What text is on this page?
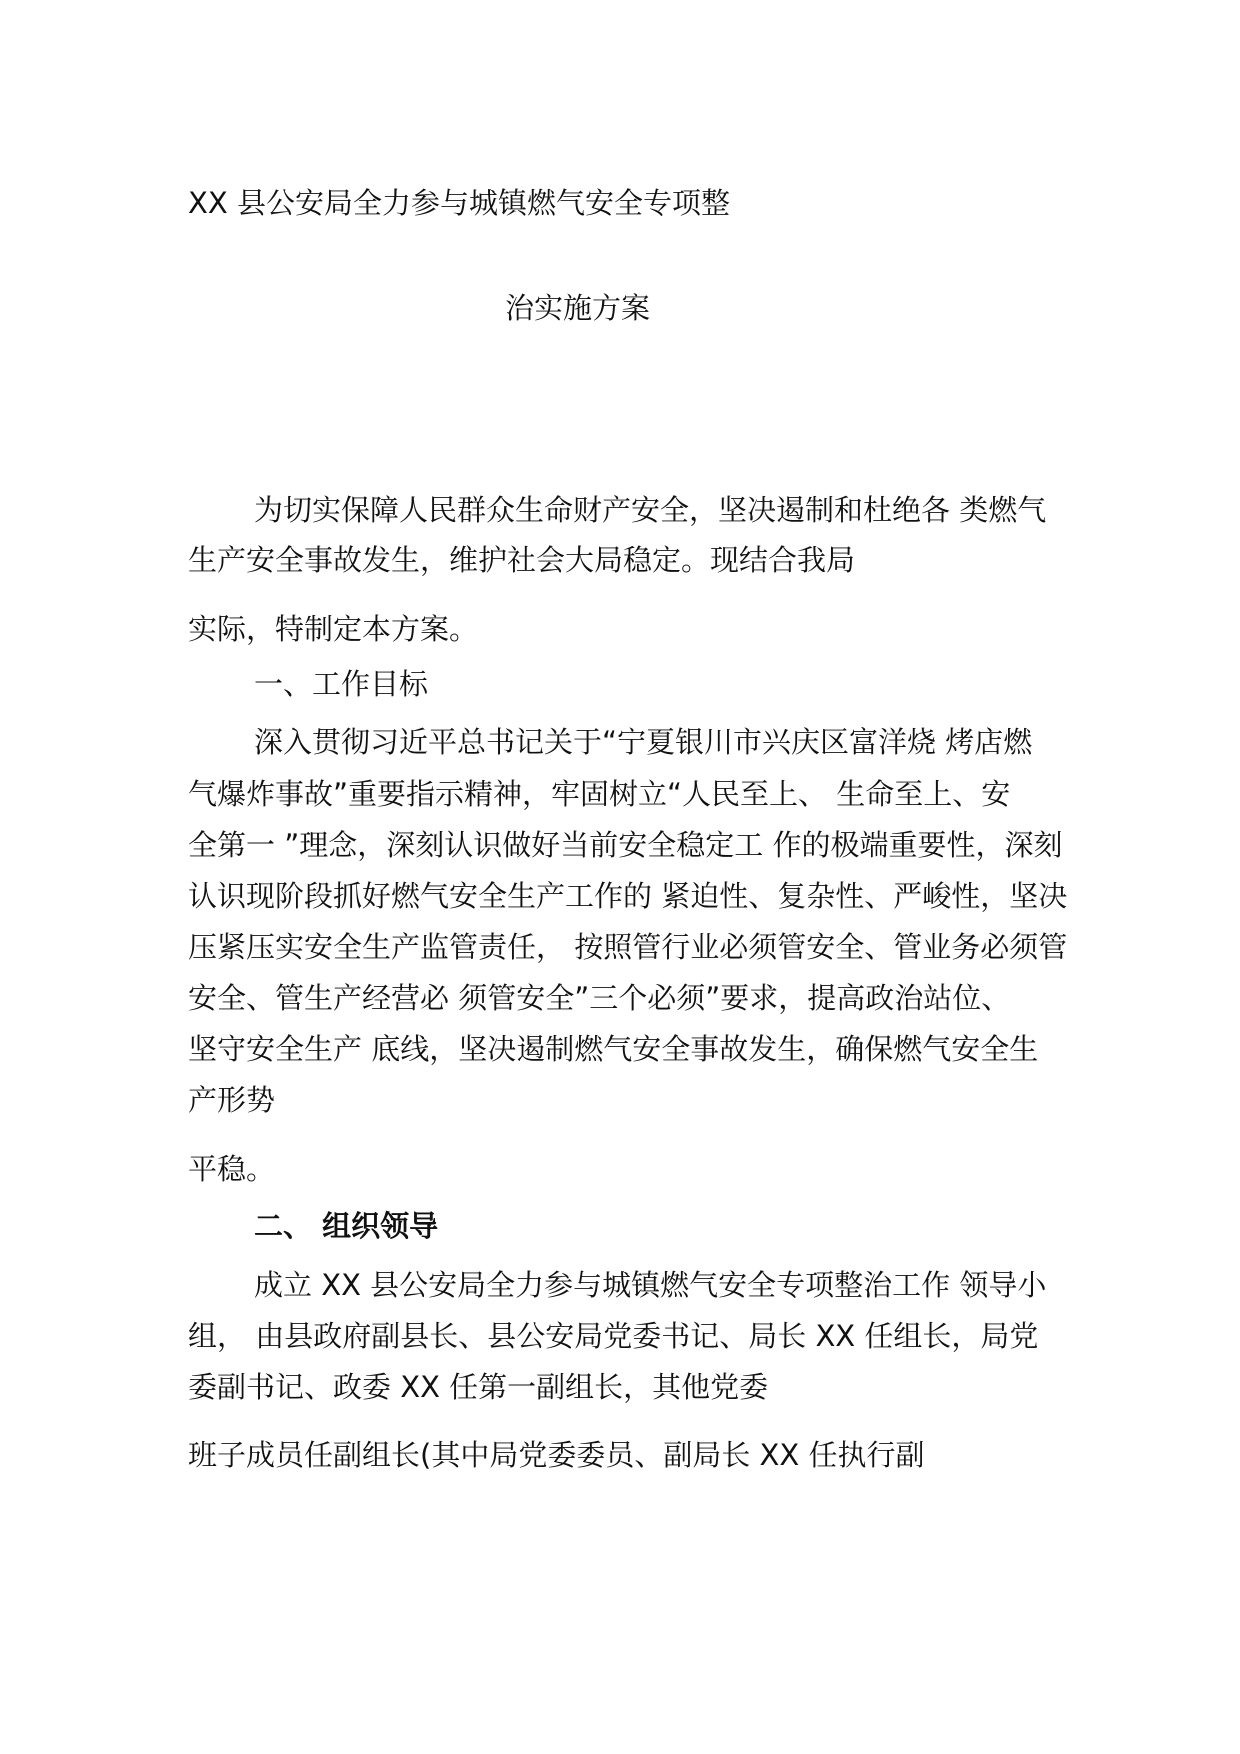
XX 县公安局全力参与城镇燃气安全专项整
治实施方案
为切实保障人民群众生命财产安全，坚决遏制和杜绝各 类燃气
生产安全事故发生，维护社会大局稳定。现结合我局
实际，特制定本方案。
一、工作目标
深入贯彻习近平总书记关于“宁夏银川市兴庆区富洋烧 烤店燃
气爆炸事故”重要指示精神，牢固树立“人民至上、 生命至上、安
全第一 ”理念，深刻认识做好当前安全稳定工 作的极端重要性，深刻
认识现阶段抓好燃气安全生产工作的 紧迫性、复杂性、严峻性，坚决
压紧压实安全生产监管责任， 按照管行业必须管安全、管业务必须管
安全、管生产经营必 须管安全”三个必须”要求，提高政治站位、
坚守安全生产 底线，坚决遏制燃气安全事故发生，确保燃气安全生
产形势
平稳。
二、 组织领导
成立 XX 县公安局全力参与城镇燃气安全专项整治工作 领导小
组， 由县政府副县长、县公安局党委书记、局长 XX 任组长，局党
委副书记、政委 XX 任第一副组长，其他党委
班子成员任副组长(其中局党委委员、副局长 XX 任执行副
